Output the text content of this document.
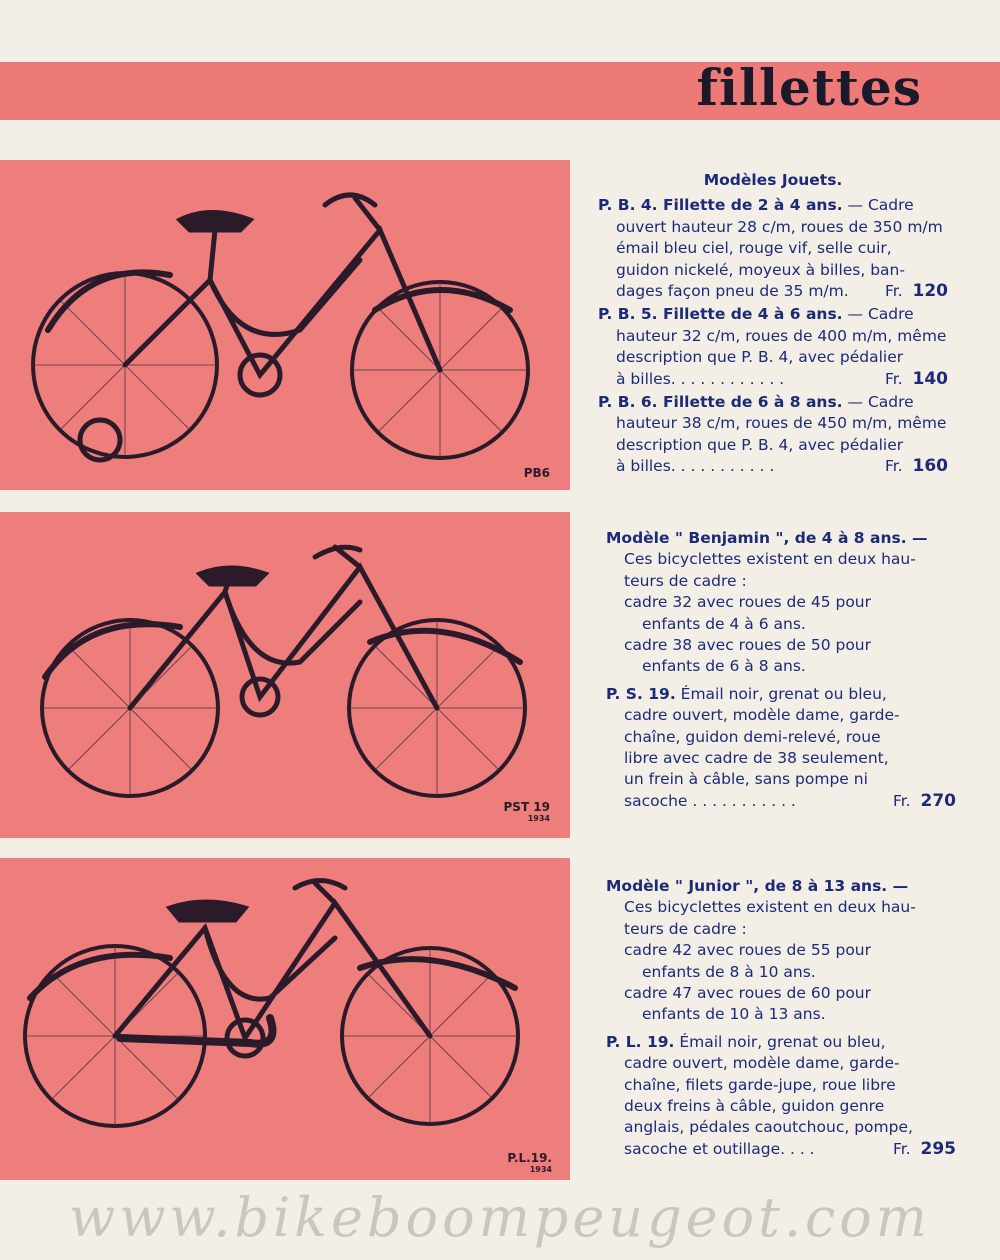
fillettes
PB6
PST 19
1934
P.L.19.
1934

Modèles Jouets.

P. B. 4. Fillette de 2 à 4 ans. — Cadre

ouvert hauteur 28 c/m, roues de 350 m/m

émail bleu ciel, rouge vif, selle cuir,

guidon nickelé, moyeux à billes, ban-

dages façon pneu de 35 m/m. Fr. 120

P. B. 5. Fillette de 4 à 6 ans. — Cadre

hauteur 32 c/m, roues de 400 m/m, même

description que P. B. 4, avec pédalier

à billes. . . . . . . . . . . .	Fr. 140

P. B. 6. Fillette de 6 à 8 ans. — Cadre

hauteur 38 c/m, roues de 450 m/m, même

description que P. B. 4, avec pédalier

à billes. . . . . . . . . . .	Fr. 160

Modèle " Benjamin ", de 4 à 8 ans. —

Ces bicyclettes existent en deux hau-

teurs de cadre :

cadre 32 avec roues de 45 pour

enfants de 4 à 6 ans.

cadre 38 avec roues de 50 pour

enfants de 6 à 8 ans.

P. S. 19. Émail noir, grenat ou bleu,

cadre ouvert, modèle dame, garde-

chaîne, guidon demi-relevé, roue

libre avec cadre de 38 seulement,

un frein à câble, sans pompe ni

sacoche . . . . . . . . . . .	Fr. 270

Modèle " Junior ", de 8 à 13 ans. —

Ces bicyclettes existent en deux hau-

teurs de cadre :

cadre 42 avec roues de 55 pour

enfants de 8 à 10 ans.

cadre 47 avec roues de 60 pour

enfants de 10 à 13 ans.

P. L. 19. Émail noir, grenat ou bleu,

cadre ouvert, modèle dame, garde-

chaîne, filets garde-jupe, roue libre

deux freins à câble, guidon genre

anglais, pédales caoutchouc, pompe,

sacoche et outillage. . . .	Fr. 295

www.bikeboompeugeot.com
